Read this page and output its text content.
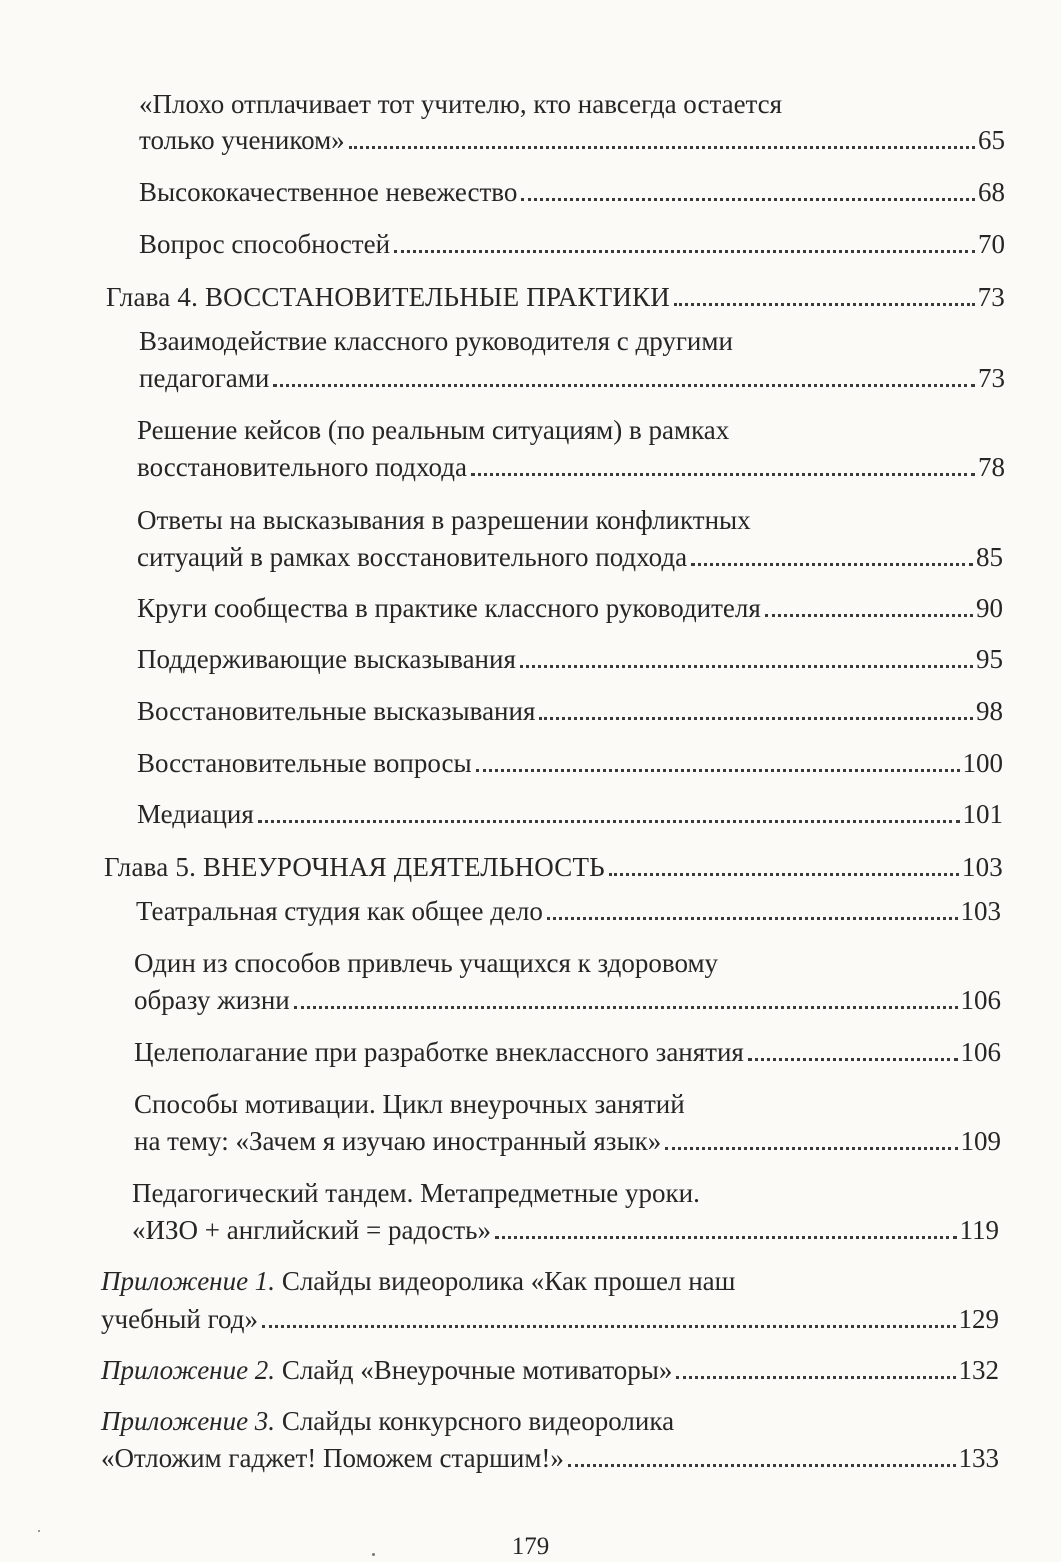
«Плохо отплачивает тот учителю, кто навсегда остается
только учеником»	65
Высококачественное невежество	68
Вопрос способностей	70
Глава 4. ВОССТАНОВИТЕЛЬНЫЕ ПРАКТИКИ	73
Взаимодействие классного руководителя с другими
педагогами	73
Решение кейсов (по реальным ситуациям) в рамках
восстановительного подхода	78
Ответы на высказывания в разрешении конфликтных
ситуаций в рамках восстановительного подхода	85
Круги сообщества в практике классного руководителя	90
Поддерживающие высказывания	95
Восстановительные высказывания	98
Восстановительные вопросы	100
Медиация	101
Глава 5. ВНЕУРОЧНАЯ ДЕЯТЕЛЬНОСТЬ	103
Театральная студия как общее дело	103
Один из способов привлечь учащихся к здоровому
образу жизни	106
Целеполагание при разработке внеклассного занятия	106
Способы мотивации. Цикл внеурочных занятий
на тему: «Зачем я изучаю иностранный язык»	109
Педагогический тандем. Метапредметные уроки.
«ИЗО + английский = радость»	119
Приложение 1. Слайды видеоролика «Как прошел наш
учебный год»	129
Приложение 2. Слайд «Внеурочные мотиваторы»	132
Приложение 3. Слайды конкурсного видеоролика
«Отложим гаджет! Поможем старшим!»	133
179
